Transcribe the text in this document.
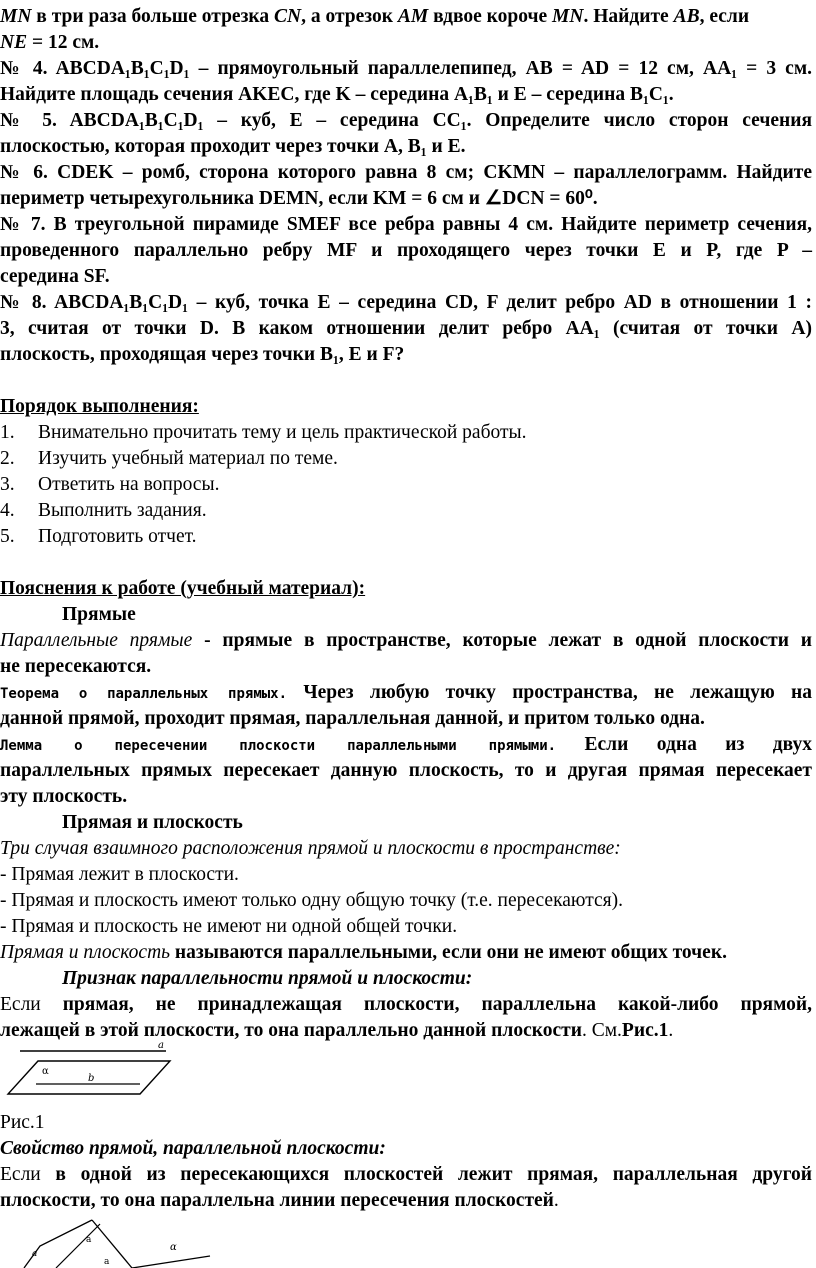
MN в три раза больше отрезка CN, а отрезок AM вдвое короче MN. Найдите AB, если
NE = 12 см.

№ 4. ABCDA₁B₁C₁D₁ – прямоугольный параллелепипед, AB = AD = 12 см, AA₁ = 3 см.

Найдите площадь сечения AKEC, где K – середина A₁B₁ и E – середина B₁C₁.

№ 5. ABCDA₁B₁C₁D₁ – куб, E – середина CC₁. Определите число сторон сечения

плоскостью, которая проходит через точки A, B₁ и E.

№ 6. CDEK – ромб, сторона которого равна 8 см; CKMN – параллелограмм. Найдите

периметр четырехугольника DEMN, если KM = 6 см и ∠DCN = 60⁰.

№ 7. В треугольной пирамиде SMEF все ребра равны 4 см. Найдите периметр сечения,

проведенного параллельно ребру MF и проходящего через точки E и P, где P –

середина SF.

№ 8. ABCDA₁B₁C₁D₁ – куб, точка E – середина CD, F делит ребро AD в отношении 1 :

3, считая от точки D. В каком отношении делит ребро AA₁ (считая от точки A)

плоскость, проходящая через точки B₁, E и F?

Порядок выполнения:

1. Внимательно прочитать тему и цель практической работы.
2. Изучить учебный материал по теме.
3. Ответить на вопросы.
4. Выполнить задания.
5. Подготовить отчет.

Пояснения к работе (учебный материал):

Прямые

Параллельные прямые - прямые в пространстве, которые лежат в одной плоскости и

не пересекаются.

Теорема о параллельных прямых. Через любую точку пространства, не лежащую на

данной прямой, проходит прямая, параллельная данной, и притом только одна.

Лемма о пересечении плоскости параллельными прямыми. Если одна из двух

параллельных прямых пересекает данную плоскость, то и другая прямая пересекает

эту плоскость.

Прямая и плоскость

Три случая взаимного расположения прямой и плоскости в пространстве:

- Прямая лежит в плоскости.

- Прямая и плоскость имеют только одну общую точку (т.е. пересекаются).

- Прямая и плоскость не имеют ни одной общей точки.

Прямая и плоскость называются параллельными, если они не имеют общих точек.

Признак параллельности прямой и плоскости:

Если прямая, не принадлежащая плоскости, параллельна какой-либо прямой,

лежащей в этой плоскости, то она параллельно данной плоскости. См.Рис.1.

a
α
b

Рис.1

Свойство прямой, параллельной плоскости:

Если в одной из пересекающихся плоскостей лежит прямая, параллельная другой

плоскости, то она параллельна линии пересечения плоскостей.

a
a
α
a
